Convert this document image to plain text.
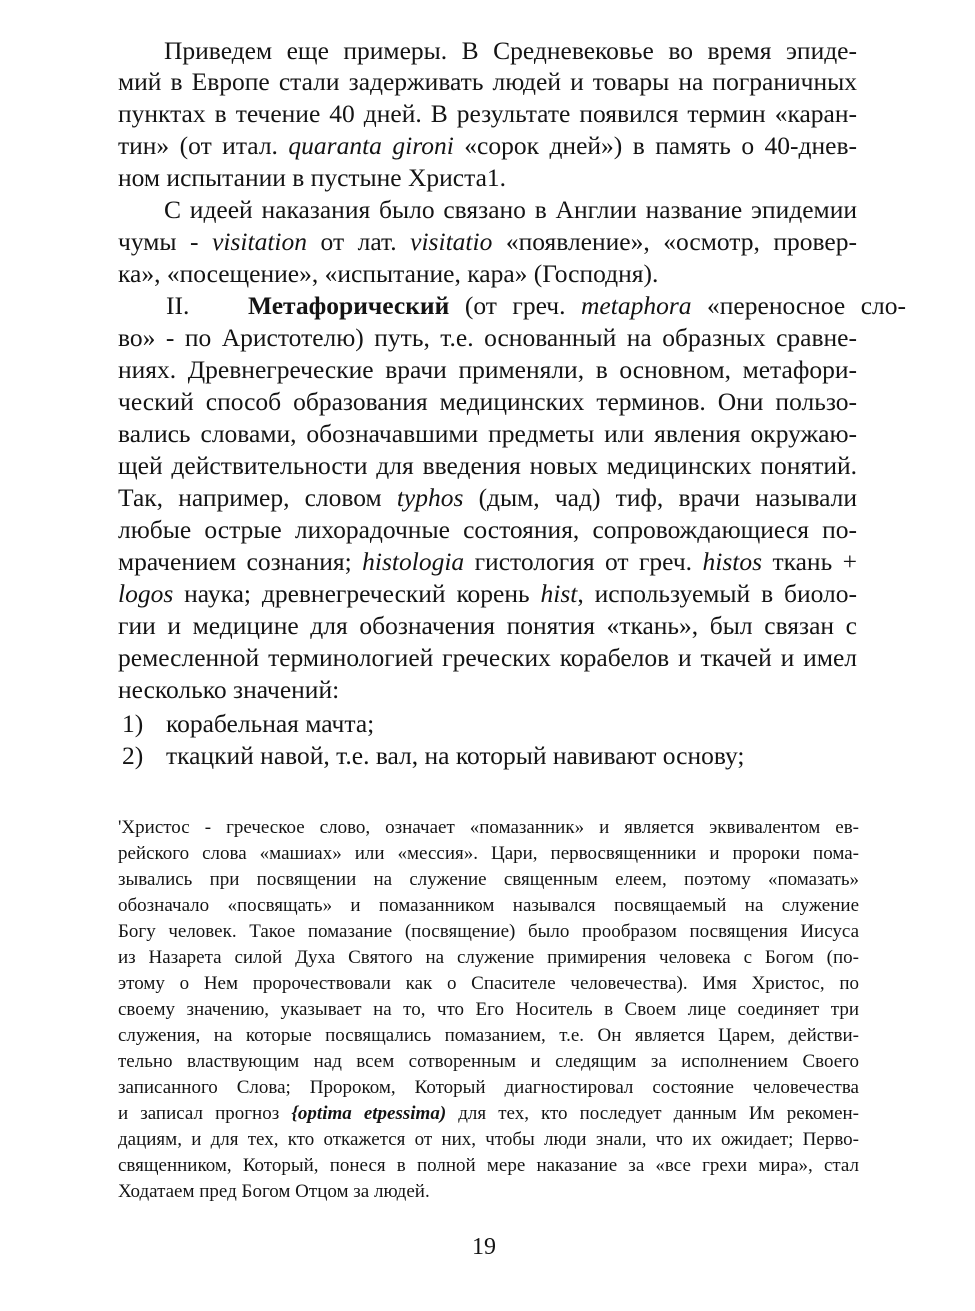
Приведем еще примеры. В Средневековье во время эпиде-
мий в Европе стали задерживать людей и товары на пограничных
пунктах в течение 40 дней. В результате появился термин «каран-
тин» (от итал. quaranta gironi «сорок дней») в память о 40-днев-
ном испытании в пустыне Христа1.
С идеей наказания было связано в Англии название эпидемии
чумы - visitation от лат. visitatio «появление», «осмотр, провер-
ка», «посещение», «испытание, кара» (Господня).
II. Метафорический (от греч. metaphora «переносное сло-
во» - по Аристотелю) путь, т.е. основанный на образных сравне-
ниях. Древнегреческие врачи применяли, в основном, метафори-
ческий способ образования медицинских терминов. Они пользо-
вались словами, обозначавшими предметы или явления окружаю-
щей действительности для введения новых медицинских понятий.
Так, например, словом typhos (дым, чад) тиф, врачи называли
любые острые лихорадочные состояния, сопровождающиеся по-
мрачением сознания; histologia гистология от греч. histos ткань +
logos наука; древнегреческий корень hist, используемый в биоло-
гии и медицине для обозначения понятия «ткань», был связан с
ремесленной терминологией греческих корабелов и ткачей и имел
несколько значений:
1) корабельная мачта;
2) ткацкий навой, т.е. вал, на который навивают основу;
'Христос - греческое слово, означает «помазанник» и является эквивалентом ев-
рейского слова «машиах» или «мессия». Цари, первосвященники и пророки пома-
зывались при посвящении на служение священным елеем, поэтому «помазать»
обозначало «посвящать» и помазанником назывался посвящаемый на служение
Богу человек. Такое помазание (посвящение) было прообразом посвящения Иисуса
из Назарета силой Духа Святого на служение примирения человека с Богом (по-
этому о Нем пророчествовали как о Спасителе человечества). Имя Христос, по
своему значению, указывает на то, что Его Носитель в Своем лице соединяет три
служения, на которые посвящались помазанием, т.е. Он является Царем, действи-
тельно властвующим над всем сотворенным и следящим за исполнением Своего
записанного Слова; Пророком, Который диагностировал состояние человечества
и записал прогноз {optima etpessima) для тех, кто последует данным Им рекомен-
дациям, и для тех, кто откажется от них, чтобы люди знали, что их ожидает; Перво-
священником, Который, понеся в полной мере наказание за «все грехи мира», стал
Ходатаем пред Богом Отцом за людей.
19
